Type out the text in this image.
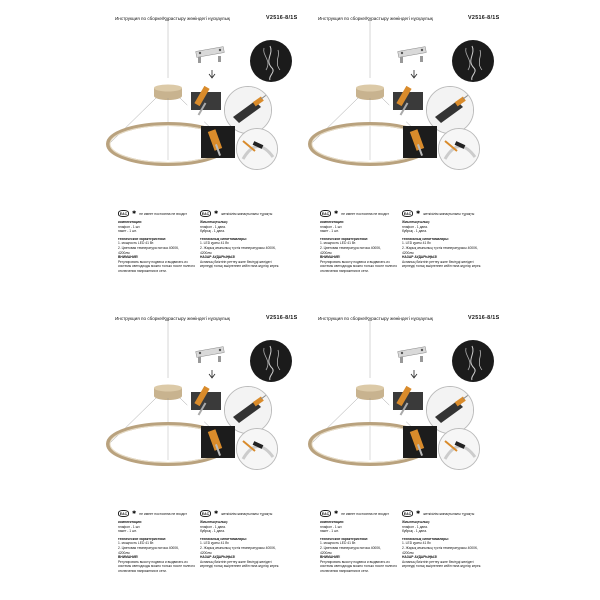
Инструкция по сборке/Құрастыру жөніндегі нұсқаулық	V2516-8/1S
EAC ✱ не имеет постоянна не входит	EAC ✱ жеткізілім жинақтылығы тұрақты
комплектация:
плафон - 1 шт.
пакет - 1 шт.
технические характеристики:
1. мощность LED 41 Вт.
2. Цветовая температура потока 4000К,
4200лм
ВНИМАНИЕ!
Регулировать высоту подвеса и выдвигать из системы светодиоды можно только после полного отключения напряжения в сети.
Жиынтықтылық:
плафон - 1 дана.
буйрық - 1 дана.
техникалық сипаттамалары:
1. LED қуаты 41 Вт.
2. Жарық ағынының түстік температурасы 4000К,
4200лм
НАЗАР АУДАРЫҢЫЗ!
Аспаның биіктігін реттеу және бекітуді желідегі кернеуді толық өшіргеннен кейін ғана жүргізу керек.
Инструкция по сборке/Құрастыру жөніндегі нұсқаулық	V2516-8/1S
EAC ✱ не имеет постоянна не входит	EAC ✱ жеткізілім жинақтылығы тұрақты
комплектация:
плафон - 1 шт.
пакет - 1 шт.
технические характеристики:
1. мощность LED 41 Вт.
2. Цветовая температура потока 4000К,
4200лм
ВНИМАНИЕ!
Регулировать высоту подвеса и выдвигать из системы светодиоды можно только после полного отключения напряжения в сети.
Жиынтықтылық:
плафон - 1 дана.
буйрық - 1 дана.
техникалық сипаттамалары:
1. LED қуаты 41 Вт.
2. Жарық ағынының түстік температурасы 4000К,
4200лм
НАЗАР АУДАРЫҢЫЗ!
Аспаның биіктігін реттеу және бекітуді желідегі кернеуді толық өшіргеннен кейін ғана жүргізу керек.
Инструкция по сборке/Құрастыру жөніндегі нұсқаулық	V2516-8/1S
EAC ✱ не имеет постоянна не входит	EAC ✱ жеткізілім жинақтылығы тұрақты
комплектация:
плафон - 1 шт.
пакет - 1 шт.
технические характеристики:
1. мощность LED 41 Вт.
2. Цветовая температура потока 4000К,
4200лм
ВНИМАНИЕ!
Регулировать высоту подвеса и выдвигать из системы светодиоды можно только после полного отключения напряжения в сети.
Жиынтықтылық:
плафон - 1 дана.
буйрық - 1 дана.
техникалық сипаттамалары:
1. LED қуаты 41 Вт.
2. Жарық ағынының түстік температурасы 4000К,
4200лм
НАЗАР АУДАРЫҢЫЗ!
Аспаның биіктігін реттеу және бекітуді желідегі кернеуді толық өшіргеннен кейін ғана жүргізу керек.
Инструкция по сборке/Құрастыру жөніндегі нұсқаулық	V2516-8/1S
EAC ✱ не имеет постоянна не входит	EAC ✱ жеткізілім жинақтылығы тұрақты
комплектация:
плафон - 1 шт.
пакет - 1 шт.
технические характеристики:
1. мощность LED 41 Вт.
2. Цветовая температура потока 4000К,
4200лм
ВНИМАНИЕ!
Регулировать высоту подвеса и выдвигать из системы светодиоды можно только после полного отключения напряжения в сети.
Жиынтықтылық:
плафон - 1 дана.
буйрық - 1 дана.
техникалық сипаттамалары:
1. LED қуаты 41 Вт.
2. Жарық ағынының түстік температурасы 4000К,
4200лм
НАЗАР АУДАРЫҢЫЗ!
Аспаның биіктігін реттеу және бекітуді желідегі кернеуді толық өшіргеннен кейін ғана жүргізу керек.
